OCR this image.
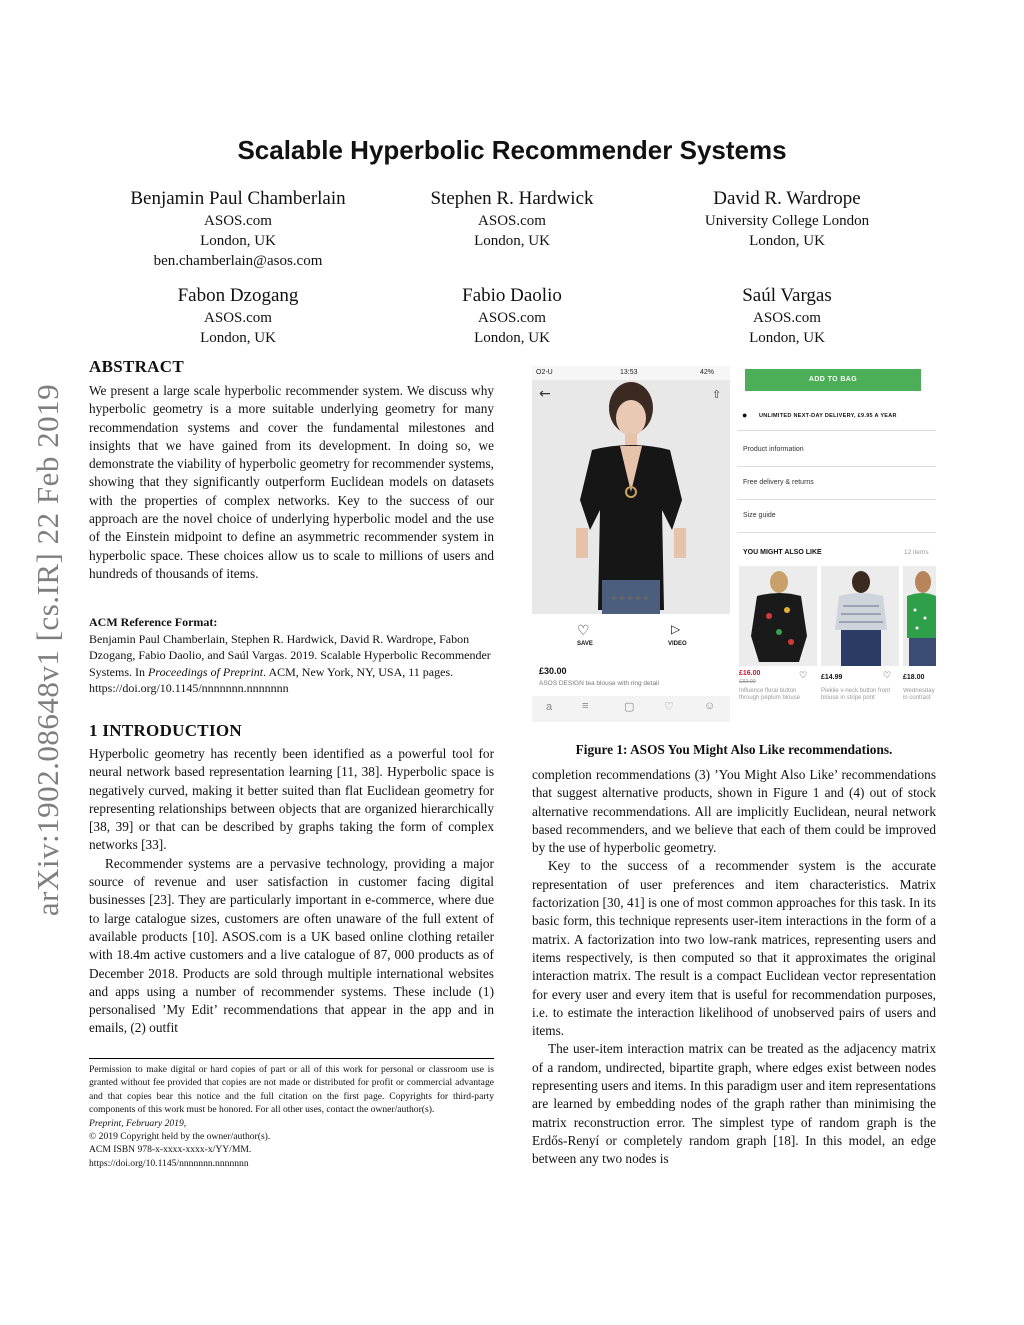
arXiv:1902.08648v1 [cs.IR] 22 Feb 2019
Scalable Hyperbolic Recommender Systems
Benjamin Paul Chamberlain
ASOS.com
London, UK
ben.chamberlain@asos.com
Stephen R. Hardwick
ASOS.com
London, UK
David R. Wardrope
University College London
London, UK
Fabon Dzogang
ASOS.com
London, UK
Fabio Daolio
ASOS.com
London, UK
Saúl Vargas
ASOS.com
London, UK
ABSTRACT

We present a large scale hyperbolic recommender system. We discuss why hyperbolic geometry is a more suitable underlying geometry for many recommendation systems and cover the fundamental milestones and insights that we have gained from its development. In doing so, we demonstrate the viability of hyperbolic geometry for recommender systems, showing that they significantly outperform Euclidean models on datasets with the properties of complex networks. Key to the success of our approach are the novel choice of underlying hyperbolic model and the use of the Einstein midpoint to define an asymmetric recommender system in hyperbolic space. These choices allow us to scale to millions of users and hundreds of thousands of items.

ACM Reference Format:
Benjamin Paul Chamberlain, Stephen R. Hardwick, David R. Wardrope, Fabon Dzogang, Fabio Daolio, and Saúl Vargas. 2019. Scalable Hyperbolic Recommender Systems. In Proceedings of Preprint. ACM, New York, NY, USA, 11 pages. https://doi.org/10.1145/nnnnnnn.nnnnnnn
1 INTRODUCTION

Hyperbolic geometry has recently been identified as a powerful tool for neural network based representation learning [11, 38]. Hyperbolic space is negatively curved, making it better suited than flat Euclidean geometry for representing relationships between objects that are organized hierarchically [38, 39] or that can be described by graphs taking the form of complex networks [33].

Recommender systems are a pervasive technology, providing a major source of revenue and user satisfaction in customer facing digital businesses [23]. They are particularly important in e-commerce, where due to large catalogue sizes, customers are often unaware of the full extent of available products [10]. ASOS.com is a UK based online clothing retailer with 18.4m active customers and a live catalogue of 87, 000 products as of December 2018. Products are sold through multiple international websites and apps using a number of recommender systems. These include (1) personalised ’My Edit’ recommendations that appear in the app and in emails, (2) outfit

Permission to make digital or hard copies of part or all of this work for personal or classroom use is granted without fee provided that copies are not made or distributed for profit or commercial advantage and that copies bear this notice and the full citation on the first page. Copyrights for third-party components of this work must be honored. For all other uses, contact the owner/author(s).

Preprint, February 2019,

© 2019 Copyright held by the owner/author(s).

ACM ISBN 978-x-xxxx-xxxx-x/YY/MM.

https://doi.org/10.1145/nnnnnnn.nnnnnnn

O2-U	13:53	42%
←	⇧
♡
SAVE
▷
VIDEO
£30.00
ASOS DESIGN tea blouse with ring detail
a	≡	▢	♡	☺
ADD TO BAG
● UNLIMITED NEXT-DAY DELIVERY, £9.95 A YEAR
Product information
Free delivery & returns
Size guide
YOU MIGHT ALSO LIKE	12 items
£16.00
£32.00
Influence floral button through peplum blouse
♡ £14.99
Pieklie v-neck button front blouse in stripe print
♡ £18.00
Wednesday in contrast
Figure 1: ASOS You Might Also Like recommendations.

completion recommendations (3) ’You Might Also Like’ recommendations that suggest alternative products, shown in Figure 1 and (4) out of stock alternative recommendations. All are implicitly Euclidean, neural network based recommenders, and we believe that each of them could be improved by the use of hyperbolic geometry.

Key to the success of a recommender system is the accurate representation of user preferences and item characteristics. Matrix factorization [30, 41] is one of most common approaches for this task. In its basic form, this technique represents user-item interactions in the form of a matrix. A factorization into two low-rank matrices, representing users and items respectively, is then computed so that it approximates the original interaction matrix. The result is a compact Euclidean vector representation for every user and every item that is useful for recommendation purposes, i.e. to estimate the interaction likelihood of unobserved pairs of users and items.

The user-item interaction matrix can be treated as the adjacency matrix of a random, undirected, bipartite graph, where edges exist between nodes representing users and items. In this paradigm user and item representations are learned by embedding nodes of the graph rather than minimising the matrix reconstruction error. The simplest type of random graph is the Erdős-Renyí or completely random graph [18]. In this model, an edge between any two nodes is
